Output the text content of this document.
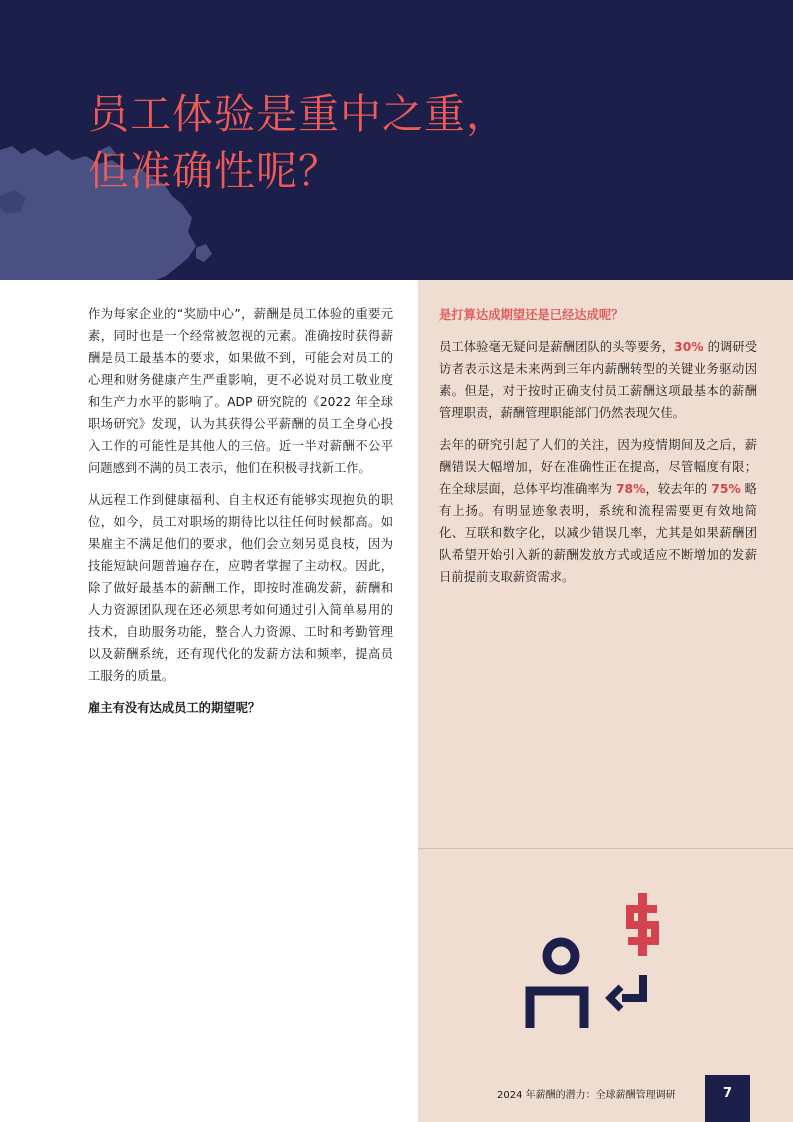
员工体验是重中之重，
但准确性呢？

作为每家企业的“奖励中心”，薪酬是员工体验的重要元素，同时也是一个经常被忽视的元素。准确按时获得薪酬是员工最基本的要求，如果做不到，可能会对员工的心理和财务健康产生严重影响，更不必说对员工敬业度和生产力水平的影响了。ADP 研究院的《2022 年全球职场研究》发现，认为其获得公平薪酬的员工全身心投入工作的可能性是其他人的三倍。近一半对薪酬不公平问题感到不满的员工表示，他们在积极寻找新工作。

从远程工作到健康福利、自主权还有能够实现抱负的职位，如今，员工对职场的期待比以往任何时候都高。如果雇主不满足他们的要求，他们会立刻另觅良枝，因为技能短缺问题普遍存在，应聘者掌握了主动权。因此，除了做好最基本的薪酬工作，即按时准确发薪，薪酬和人力资源团队现在还必须思考如何通过引入简单易用的技术，自助服务功能，整合人力资源、工时和考勤管理以及薪酬系统，还有现代化的发薪方法和频率，提高员工服务的质量。

雇主有没有达成员工的期望呢？

是打算达成期望还是已经达成呢？

员工体验毫无疑问是薪酬团队的头等要务，30% 的调研受访者表示这是未来两到三年内薪酬转型的关键业务驱动因素。但是，对于按时正确支付员工薪酬这项最基本的薪酬管理职责，薪酬管理职能部门仍然表现欠佳。

去年的研究引起了人们的关注，因为疫情期间及之后，薪酬错误大幅增加，好在准确性正在提高，尽管幅度有限；在全球层面，总体平均准确率为 78%，较去年的 75% 略有上扬。有明显迹象表明，系统和流程需要更有效地简化、互联和数字化，以减少错误几率，尤其是如果薪酬团队希望开始引入新的薪酬发放方式或适应不断增加的发薪日前提前支取薪资需求。

2024 年薪酬的潜力：全球薪酬管理调研	7
